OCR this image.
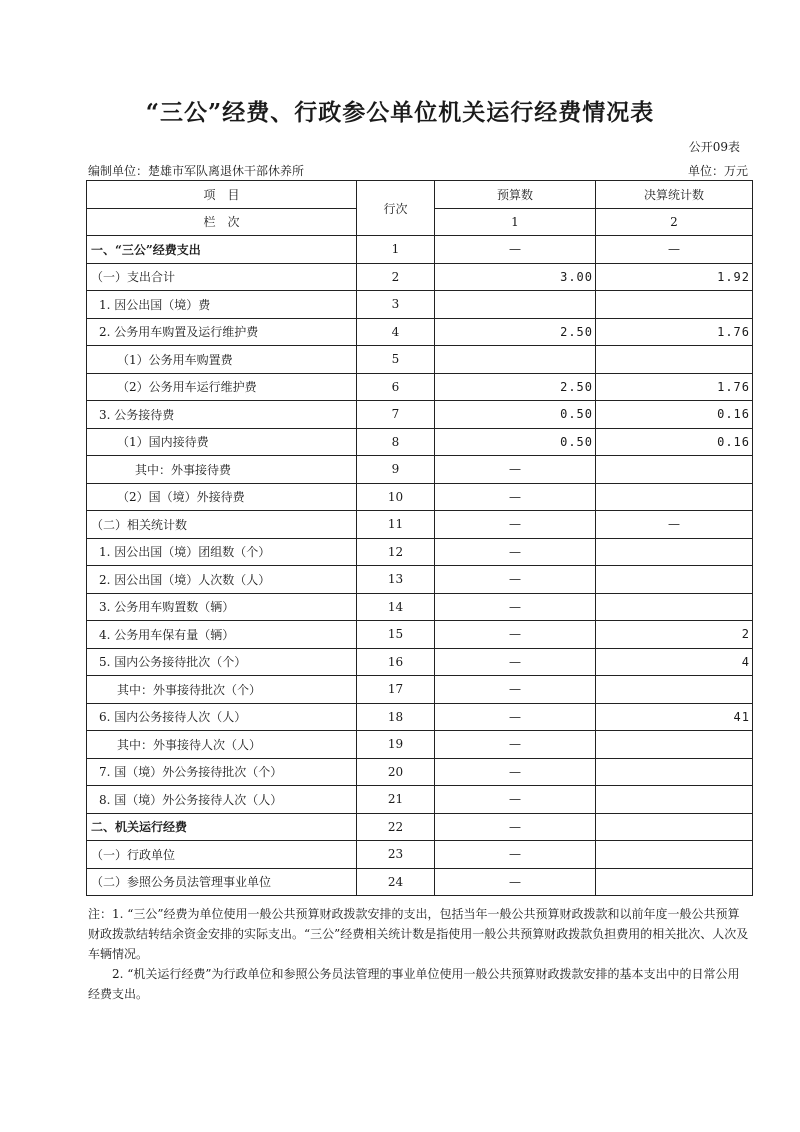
“三公”经费、行政参公单位机关运行经费情况表
公开09表
编制单位：楚雄市军队离退休干部休养所	单位：万元
项　目	行次	预算数	决算统计数
栏　次		1	2
一、“三公”经费支出	1	—	—
（一）支出合计	2	3.00	1.92
1. 因公出国（境）费	3		
2. 公务用车购置及运行维护费	4	2.50	1.76
（1）公务用车购置费	5		
（2）公务用车运行维护费	6	2.50	1.76
3. 公务接待费	7	0.50	0.16
（1）国内接待费	8	0.50	0.16
其中：外事接待费	9	—	
（2）国（境）外接待费	10	—	
（二）相关统计数	11	—	—
1. 因公出国（境）团组数（个）	12	—	
2. 因公出国（境）人次数（人）	13	—	
3. 公务用车购置数（辆）	14	—	
4. 公务用车保有量（辆）	15	—	2
5. 国内公务接待批次（个）	16	—	4
其中：外事接待批次（个）	17	—	
6. 国内公务接待人次（人）	18	—	41
其中：外事接待人次（人）	19	—	
7. 国（境）外公务接待批次（个）	20	—	
8. 国（境）外公务接待人次（人）	21	—	
二、机关运行经费	22	—	
（一）行政单位	23	—	
（二）参照公务员法管理事业单位	24	—	

注：1. “三公”经费为单位使用一般公共预算财政拨款安排的支出，包括当年一般公共预算财政拨款和以前年度一般公共预算财政拨款结转结余资金安排的实际支出。“三公”经费相关统计数是指使用一般公共预算财政拨款负担费用的相关批次、人次及车辆情况。

2. “机关运行经费”为行政单位和参照公务员法管理的事业单位使用一般公共预算财政拨款安排的基本支出中的日常公用经费支出。
